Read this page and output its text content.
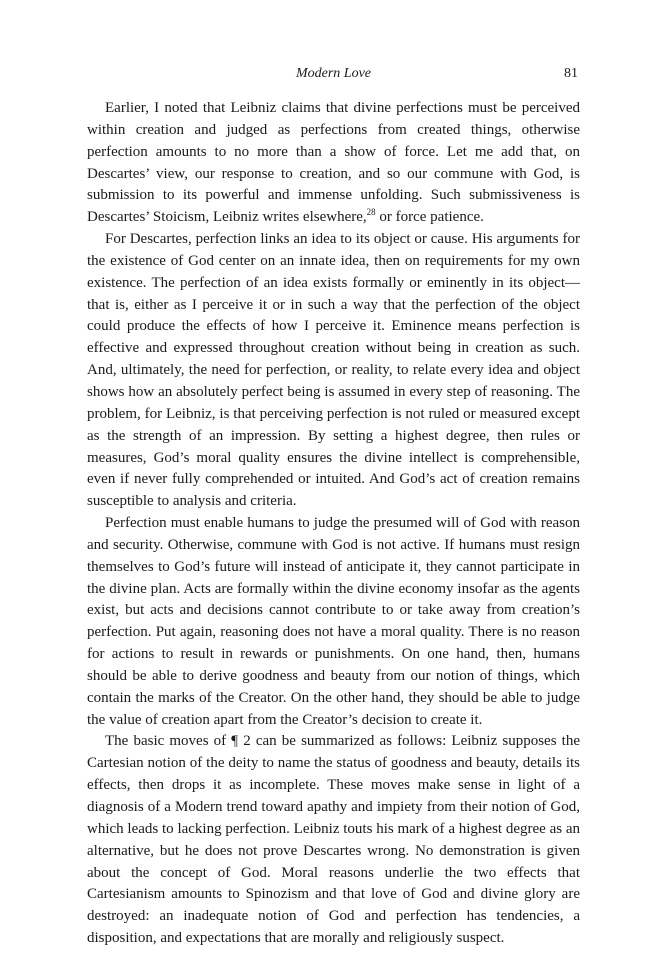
Modern Love	81

Earlier, I noted that Leibniz claims that divine perfections must be perceived within creation and judged as perfections from created things, otherwise perfection amounts to no more than a show of force. Let me add that, on Descartes’ view, our response to creation, and so our commune with God, is submission to its powerful and immense unfolding. Such submissiveness is Descartes’ Stoicism, Leibniz writes elsewhere,$^{28}$ or force patience.

For Descartes, perfection links an idea to its object or cause. His arguments for the existence of God center on an innate idea, then on requirements for my own existence. The perfection of an idea exists formally or eminently in its object—that is, either as I perceive it or in such a way that the perfection of the object could produce the effects of how I perceive it. Eminence means perfection is effective and expressed throughout creation without being in creation as such. And, ultimately, the need for perfection, or reality, to relate every idea and object shows how an absolutely perfect being is assumed in every step of reasoning. The problem, for Leibniz, is that perceiving perfection is not ruled or measured except as the strength of an impression. By setting a highest degree, then rules or measures, God’s moral quality ensures the divine intellect is comprehensible, even if never fully comprehended or intuited. And God’s act of creation remains susceptible to analysis and criteria.

Perfection must enable humans to judge the presumed will of God with reason and security. Otherwise, commune with God is not active. If humans must resign themselves to God’s future will instead of anticipate it, they cannot participate in the divine plan. Acts are formally within the divine economy insofar as the agents exist, but acts and decisions cannot contribute to or take away from creation’s perfection. Put again, reasoning does not have a moral quality. There is no reason for actions to result in rewards or punishments. On one hand, then, humans should be able to derive goodness and beauty from our notion of things, which contain the marks of the Creator. On the other hand, they should be able to judge the value of creation apart from the Creator’s decision to create it.

The basic moves of ¶ 2 can be summarized as follows: Leibniz supposes the Cartesian notion of the deity to name the status of goodness and beauty, details its effects, then drops it as incomplete. These moves make sense in light of a diagnosis of a Modern trend toward apathy and impiety from their notion of God, which leads to lacking perfection. Leibniz touts his mark of a highest degree as an alternative, but he does not prove Descartes wrong. No demonstration is given about the concept of God. Moral reasons underlie the two effects that Cartesianism amounts to Spinozism and that love of God and divine glory are destroyed: an inadequate notion of God and perfection has tendencies, a disposition, and expectations that are morally and religiously suspect.
